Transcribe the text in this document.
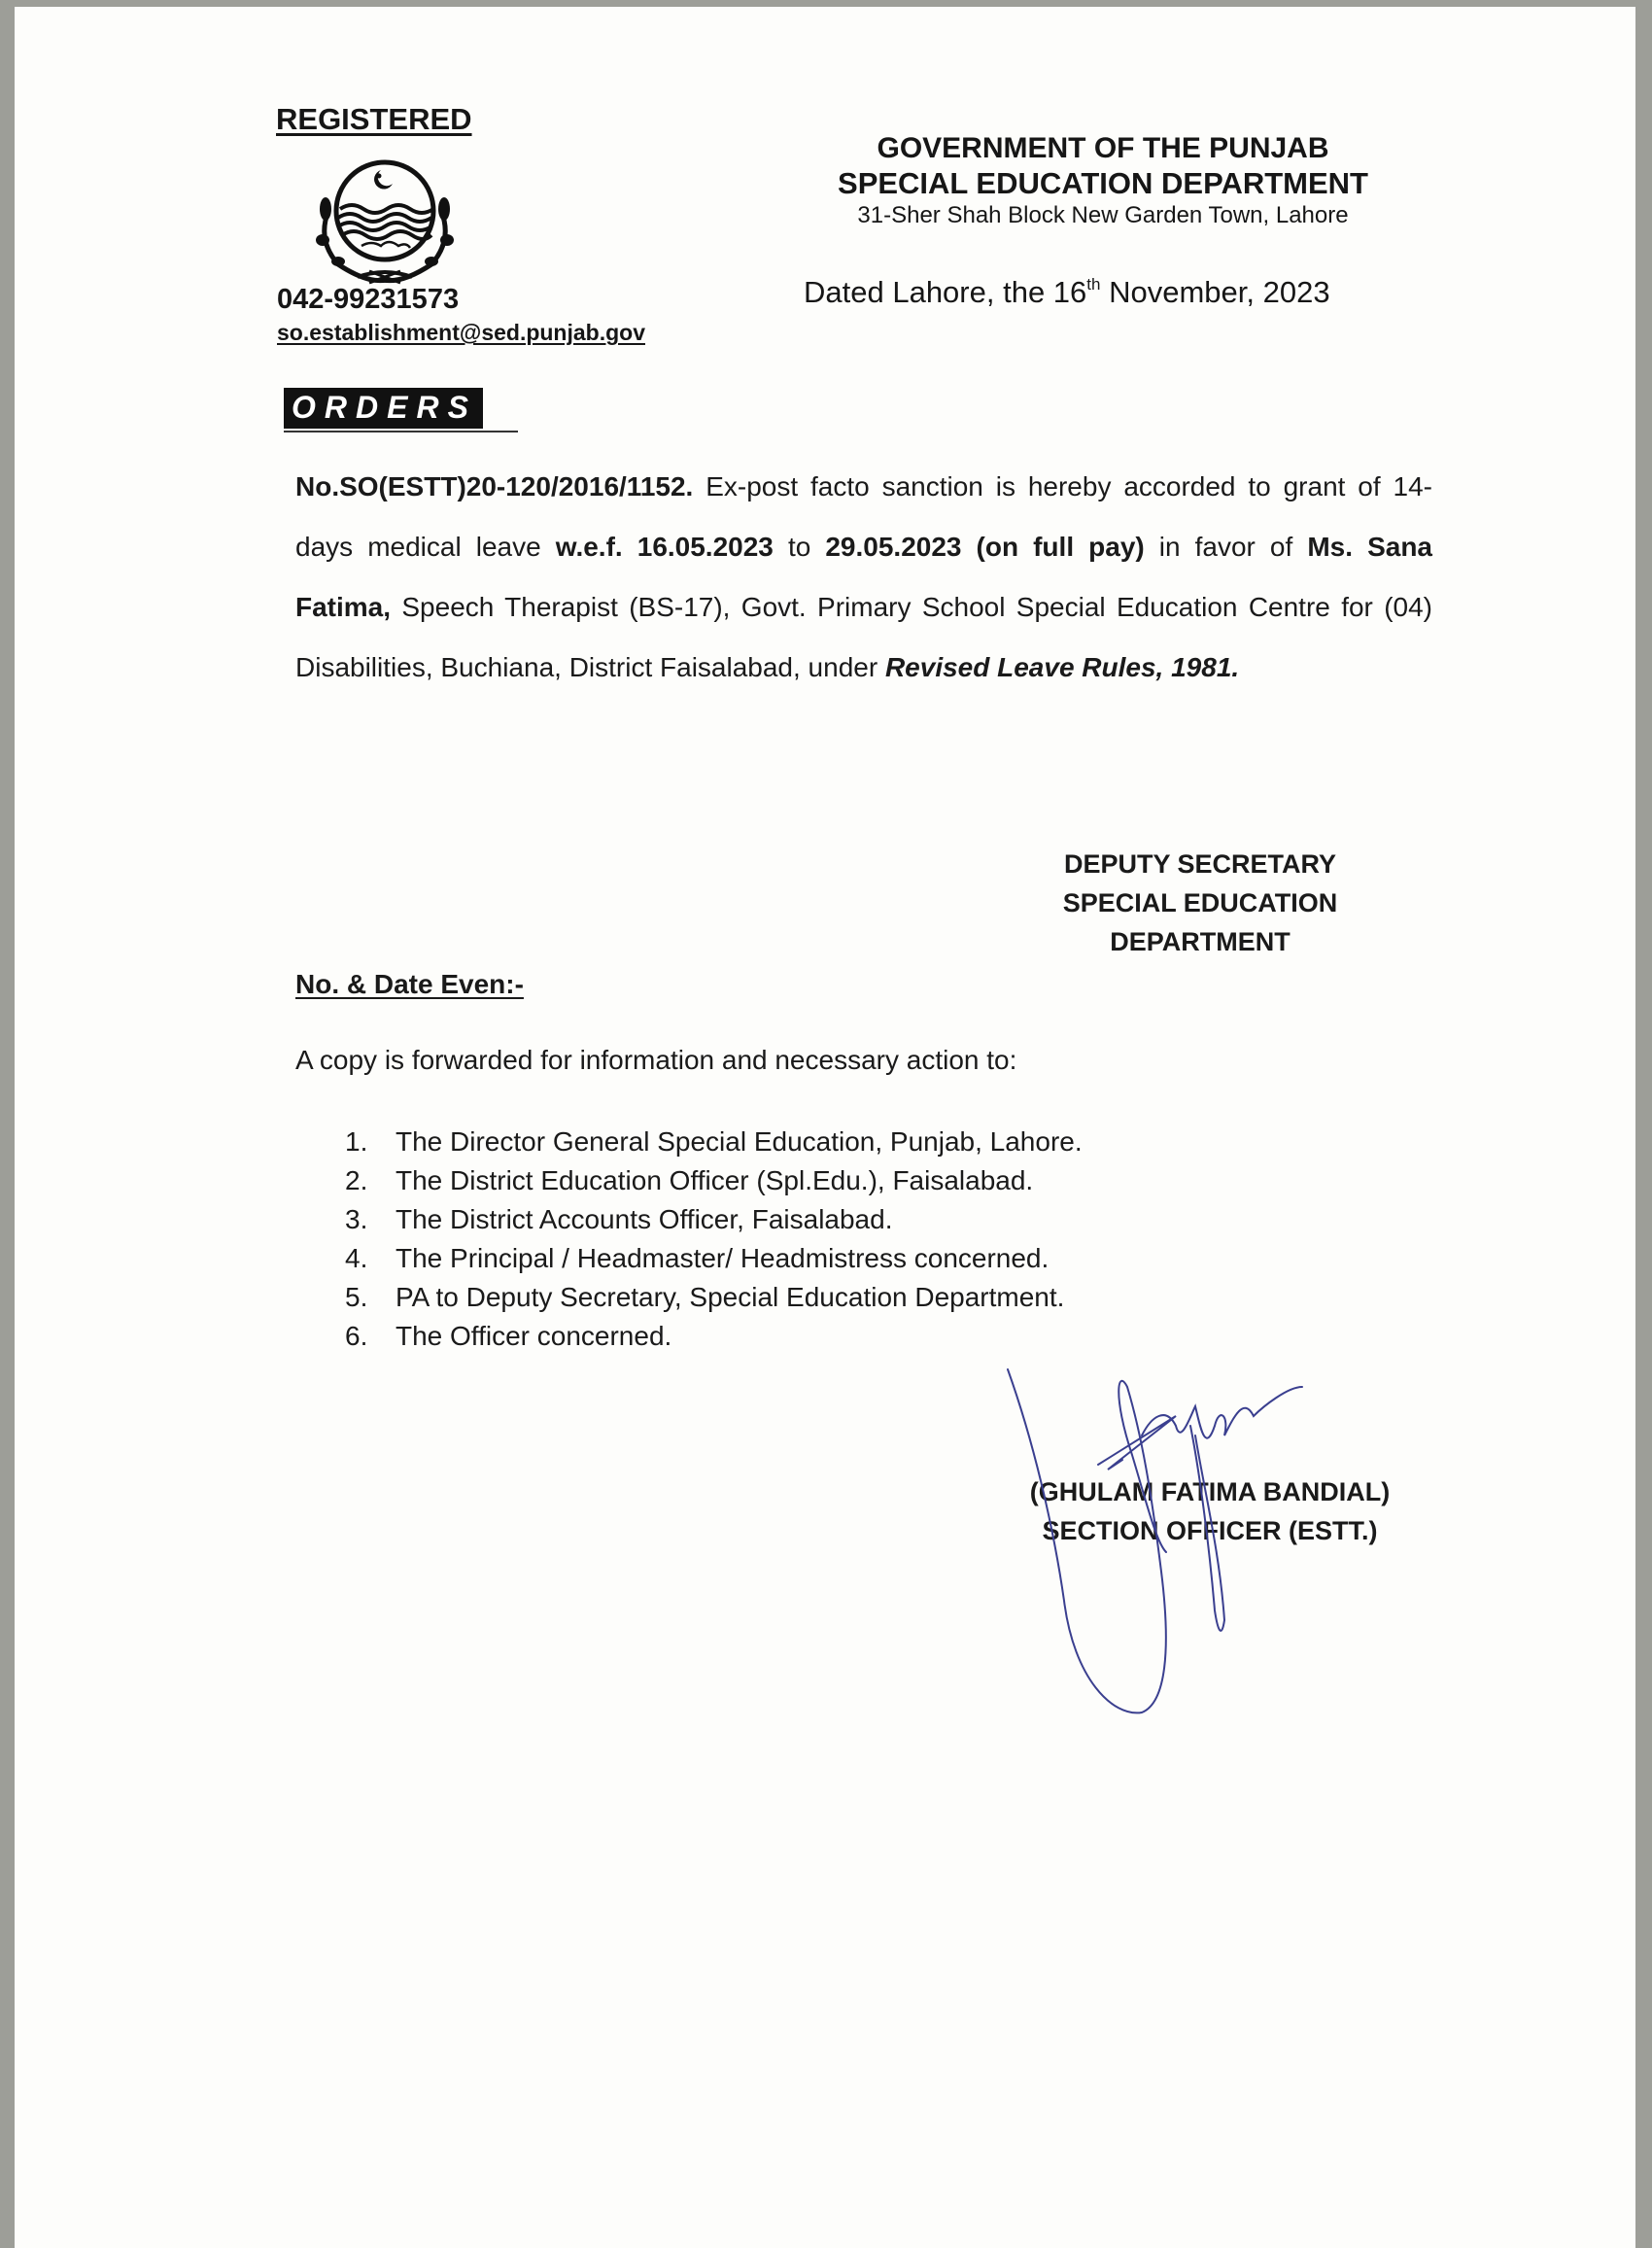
REGISTERED
042-99231573
so.establishment@sed.punjab.gov
GOVERNMENT OF THE PUNJAB
SPECIAL EDUCATION DEPARTMENT
31-Sher Shah Block New Garden Town, Lahore
Dated Lahore, the 16th November, 2023
ORDERS
No.SO(ESTT)20-120/2016/1152. Ex-post facto sanction is hereby accorded to grant of 14-days medical leave w.e.f. 16.05.2023 to 29.05.2023 (on full pay) in favor of Ms. Sana Fatima, Speech Therapist (BS-17), Govt. Primary School Special Education Centre for (04) Disabilities, Buchiana, District Faisalabad, under Revised Leave Rules, 1981.
DEPUTY SECRETARY
SPECIAL EDUCATION
DEPARTMENT
No. & Date Even:-
A copy is forwarded for information and necessary action to:
1. The Director General Special Education, Punjab, Lahore.
2. The District Education Officer (Spl.Edu.), Faisalabad.
3. The District Accounts Officer, Faisalabad.
4. The Principal / Headmaster/ Headmistress concerned.
5. PA to Deputy Secretary, Special Education Department.
6. The Officer concerned.
(GHULAM FATIMA BANDIAL)
SECTION OFFICER (ESTT.)
